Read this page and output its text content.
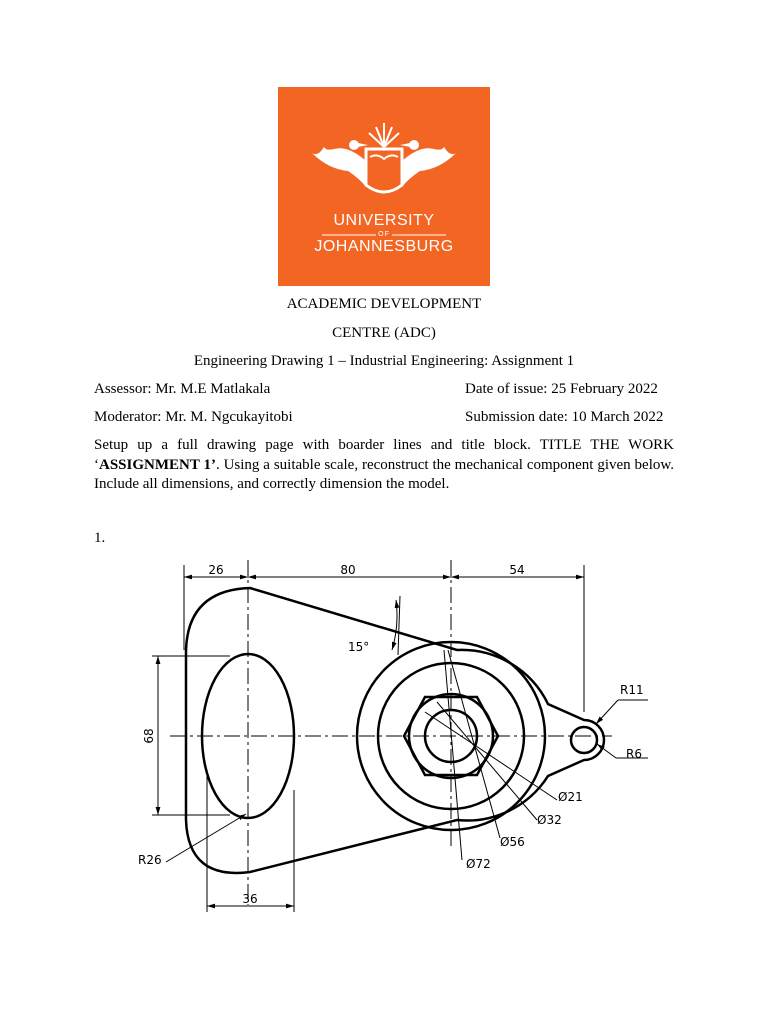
UNIVERSITY
OF
JOHANNESBURG
ACADEMIC DEVELOPMENT
CENTRE (ADC)
Engineering Drawing 1 – Industrial Engineering: Assignment 1
Assessor: Mr. M.E Matlakala	Date of issue: 25 February 2022
Moderator: Mr. M. Ngcukayitobi	Submission date: 10 March 2022
Setup up a full drawing page with boarder lines and title block. TITLE THE WORK ‘ASSIGNMENT 1’. Using a suitable scale, reconstruct the mechanical component given below. Include all dimensions, and correctly dimension the model.
1.
26	80	54
15°
68
R11
R6
Ø21
Ø32
Ø56
Ø72
R26
36
